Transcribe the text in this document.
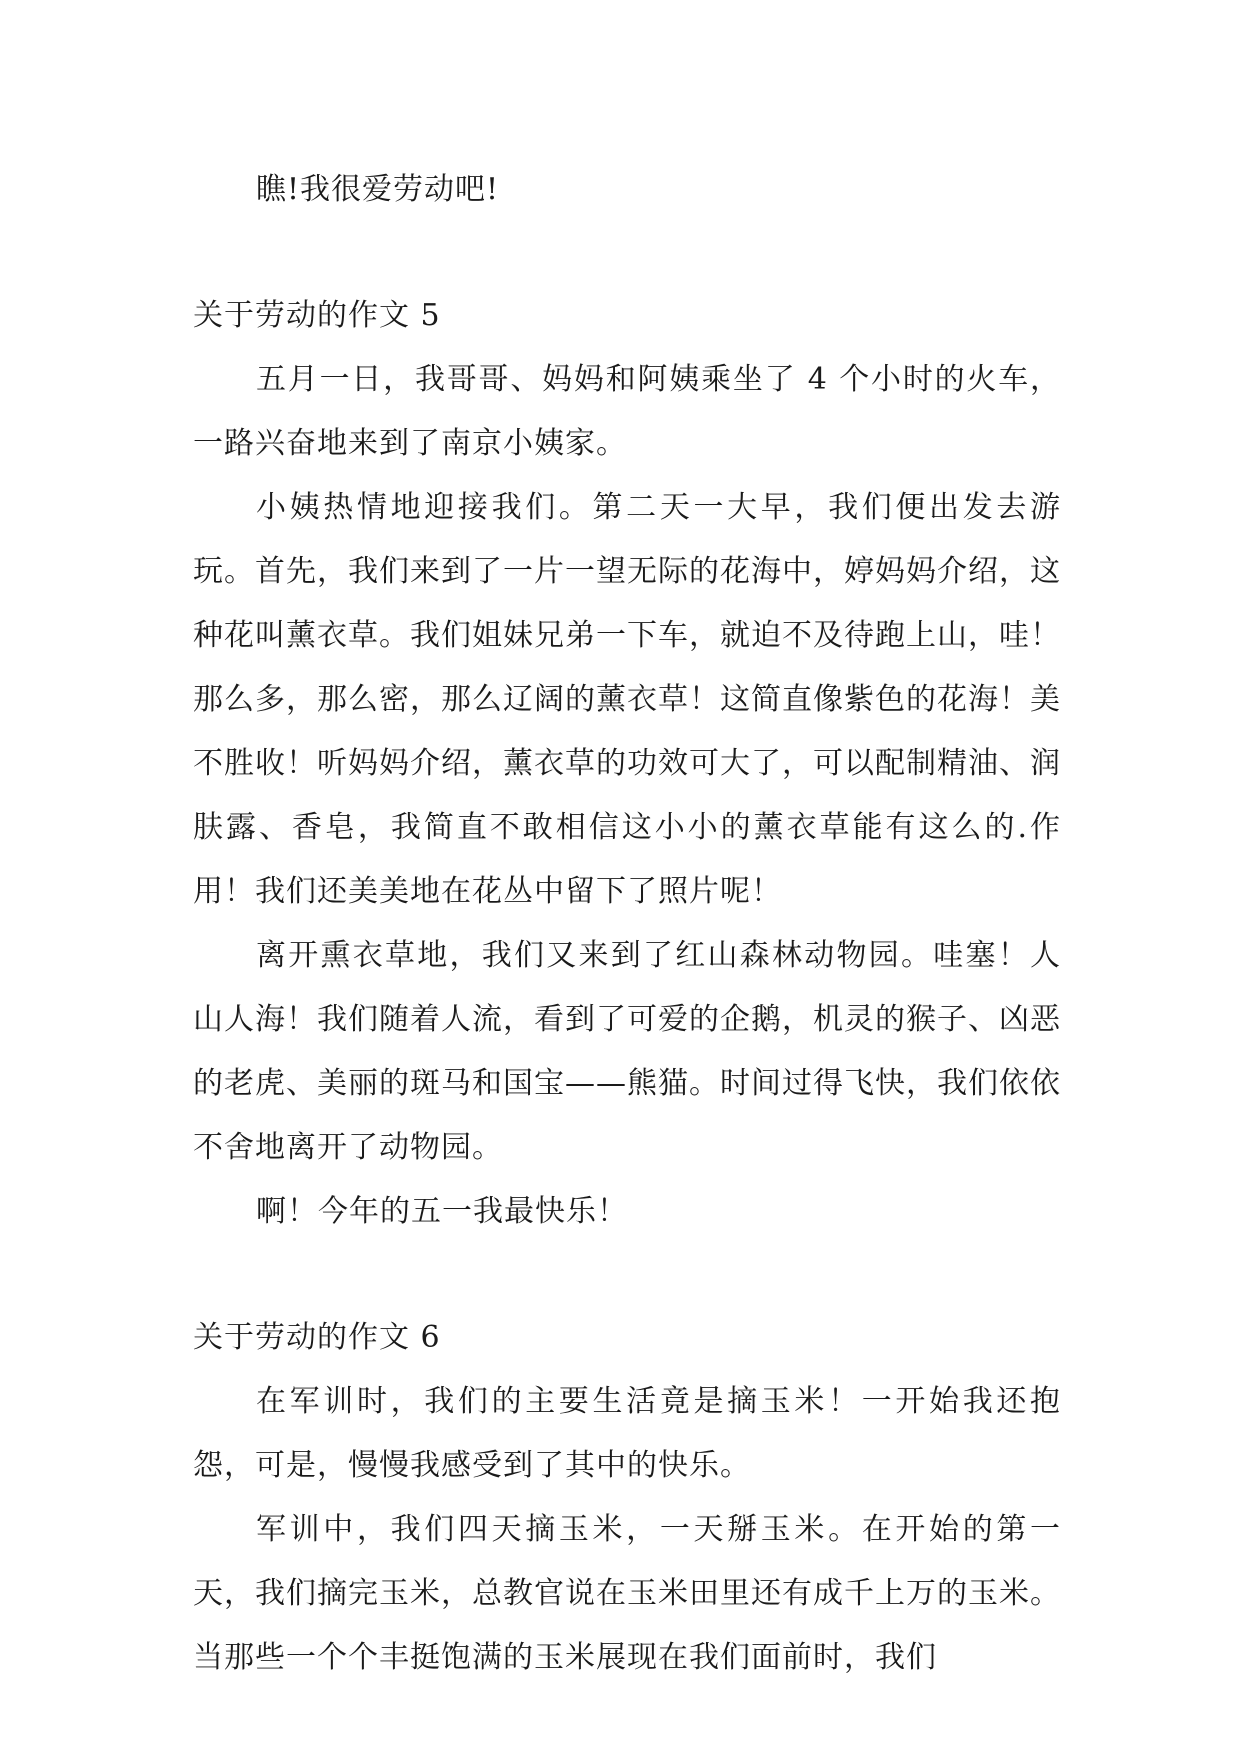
瞧!我很爱劳动吧!

关于劳动的作文 5

五月一日，我哥哥、妈妈和阿姨乘坐了 4 个小时的火车，一路兴奋地来到了南京小姨家。

小姨热情地迎接我们。第二天一大早，我们便出发去游玩。首先，我们来到了一片一望无际的花海中，婷妈妈介绍，这种花叫薰衣草。我们姐妹兄弟一下车，就迫不及待跑上山，哇！那么多，那么密，那么辽阔的薰衣草！这简直像紫色的花海！美不胜收！听妈妈介绍，薰衣草的功效可大了，可以配制精油、润肤露、香皂，我简直不敢相信这小小的薰衣草能有这么的.作用！我们还美美地在花丛中留下了照片呢！

离开熏衣草地，我们又来到了红山森林动物园。哇塞！人山人海！我们随着人流，看到了可爱的企鹅，机灵的猴子、凶恶的老虎、美丽的斑马和国宝——熊猫。时间过得飞快，我们依依不舍地离开了动物园。

啊！今年的五一我最快乐！

关于劳动的作文 6

在军训时，我们的主要生活竟是摘玉米！一开始我还抱怨，可是，慢慢我感受到了其中的快乐。

军训中，我们四天摘玉米，一天掰玉米。在开始的第一天，我们摘完玉米，总教官说在玉米田里还有成千上万的玉米。当那些一个个丰挺饱满的玉米展现在我们面前时，我们
